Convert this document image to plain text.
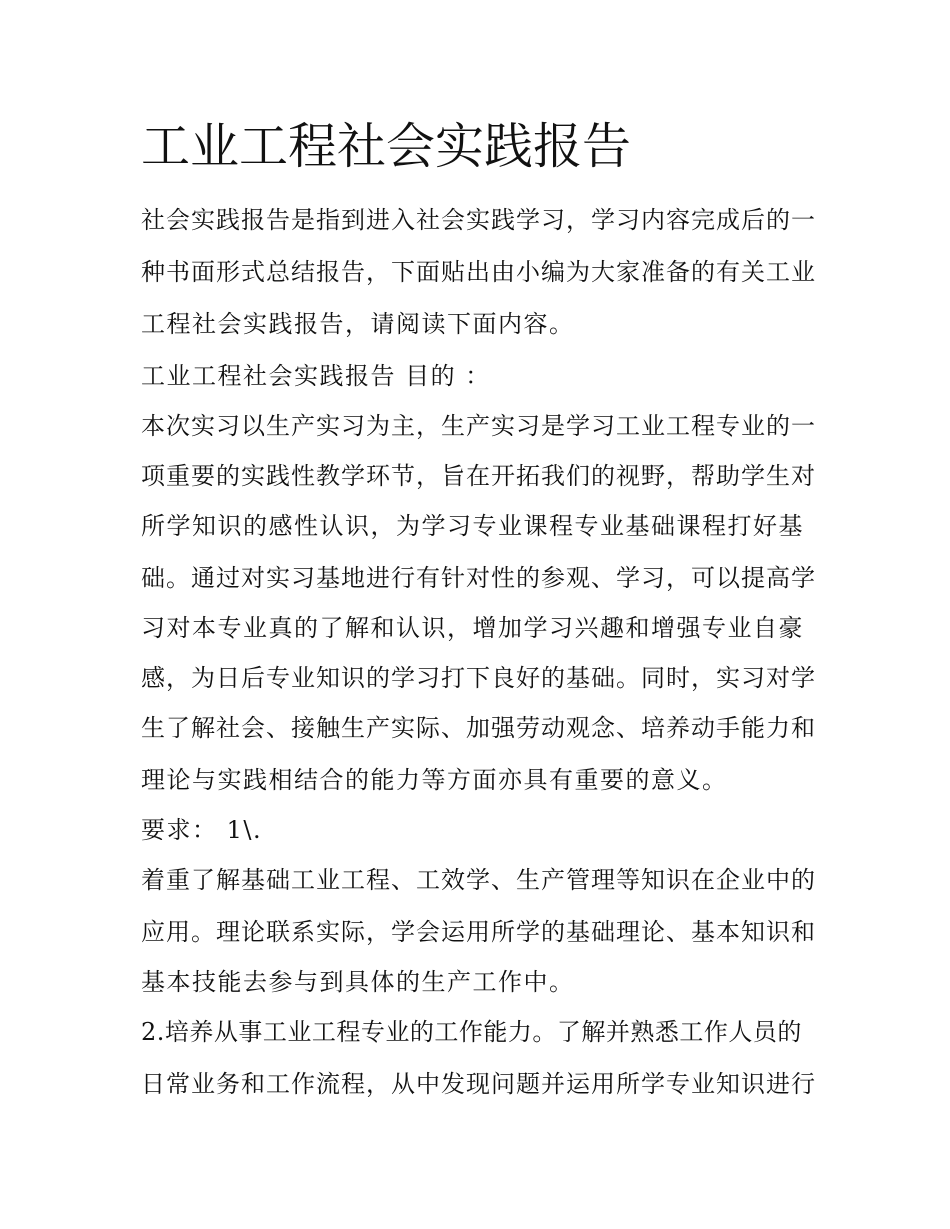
工业工程社会实践报告
社会实践报告是指到进入社会实践学习，学习内容完成后的一
种书面形式总结报告，下面贴出由小编为大家准备的有关工业
工程社会实践报告，请阅读下面内容。
工业工程社会实践报告 目的 ：
本次实习以生产实习为主，生产实习是学习工业工程专业的一
项重要的实践性教学环节，旨在开拓我们的视野，帮助学生对
所学知识的感性认识，为学习专业课程专业基础课程打好基
础。通过对实习基地进行有针对性的参观、学习，可以提高学
习对本专业真的了解和认识，增加学习兴趣和增强专业自豪
感，为日后专业知识的学习打下良好的基础。同时，实习对学
生了解社会、接触生产实际、加强劳动观念、培养动手能力和
理论与实践相结合的能力等方面亦具有重要的意义。
要求： 1\.
着重了解基础工业工程、工效学、生产管理等知识在企业中的
应用。理论联系实际，学会运用所学的基础理论、基本知识和
基本技能去参与到具体的生产工作中。
2.培养从事工业工程专业的工作能力。了解并熟悉工作人员的
日常业务和工作流程，从中发现问题并运用所学专业知识进行
